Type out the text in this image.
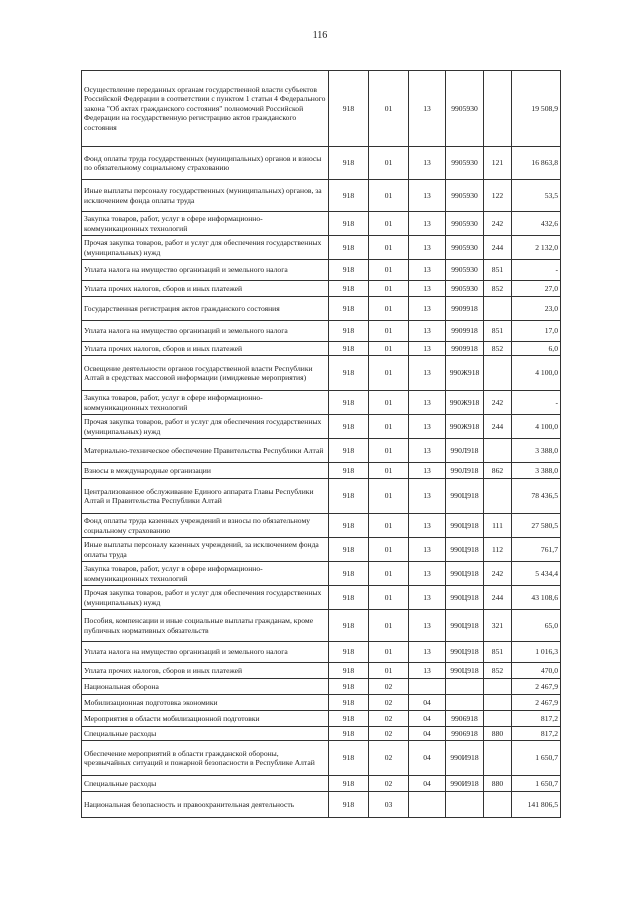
116
Осуществление переданных органам государственной власти субъектов Российской Федерации в соответствии с пунктом 1 статьи 4 Федерального закона "Об актах гражданского состояния" полномочий Российской Федерации на государственную регистрацию актов гражданского состояния	918	01	13	9905930		19 508,9
Фонд оплаты труда государственных (муниципальных) органов и взносы по обязательному социальному страхованию	918	01	13	9905930	121	16 863,8
Иные выплаты персоналу государственных (муниципальных) органов, за исключением фонда оплаты труда	918	01	13	9905930	122	53,5
Закупка товаров, работ, услуг в сфере информационно-коммуникационных технологий	918	01	13	9905930	242	432,6
Прочая закупка товаров, работ и услуг для обеспечения государственных (муниципальных) нужд	918	01	13	9905930	244	2 132,0
Уплата налога на имущество организаций и земельного налога	918	01	13	9905930	851	-
Уплата прочих налогов, сборов и иных платежей	918	01	13	9905930	852	27,0
Государственная регистрация актов гражданского состояния	918	01	13	9909918		23,0
Уплата налога на имущество организаций и земельного налога	918	01	13	9909918	851	17,0
Уплата прочих налогов, сборов и иных платежей	918	01	13	9909918	852	6,0
Освещение деятельности органов государственной власти Республики Алтай в средствах массовой информации (имиджевые мероприятия)	918	01	13	990Ж918		4 100,0
Закупка товаров, работ, услуг в сфере информационно-коммуникационных технологий	918	01	13	990Ж918	242	-
Прочая закупка товаров, работ и услуг для обеспечения государственных (муниципальных) нужд	918	01	13	990Ж918	244	4 100,0
Материально-техническое обеспечение Правительства Республики Алтай	918	01	13	990Л918		3 388,0
Взносы в международные организации	918	01	13	990Л918	862	3 388,0
Централизованное обслуживание Единого аппарата Главы Республики Алтай и Правительства Республики Алтай	918	01	13	990Ц918		78 436,5
Фонд оплаты труда казенных учреждений и взносы по обязательному социальному страхованию	918	01	13	990Ц918	111	27 580,5
Иные выплаты персоналу казенных учреждений, за исключением фонда оплаты труда	918	01	13	990Ц918	112	761,7
Закупка товаров, работ, услуг в сфере информационно-коммуникационных технологий	918	01	13	990Ц918	242	5 434,4
Прочая закупка товаров, работ и услуг для обеспечения государственных (муниципальных) нужд	918	01	13	990Ц918	244	43 108,6
Пособия, компенсации и иные социальные выплаты гражданам, кроме публичных нормативных обязательств	918	01	13	990Ц918	321	65,0
Уплата налога на имущество организаций и земельного налога	918	01	13	990Ц918	851	1 016,3
Уплата прочих налогов, сборов и иных платежей	918	01	13	990Ц918	852	470,0
Национальная оборона	918	02				2 467,9
Мобилизационная подготовка экономики	918	02	04			2 467,9
Мероприятия в области мобилизационной подготовки	918	02	04	9906918		817,2
Специальные расходы	918	02	04	9906918	880	817,2
Обеспечение мероприятий в области гражданской обороны, чрезвычайных ситуаций и пожарной безопасности в Республике Алтай	918	02	04	990И918		1 650,7
Специальные расходы	918	02	04	990И918	880	1 650,7
Национальная безопасность и правоохранительная деятельность	918	03				141 806,5
